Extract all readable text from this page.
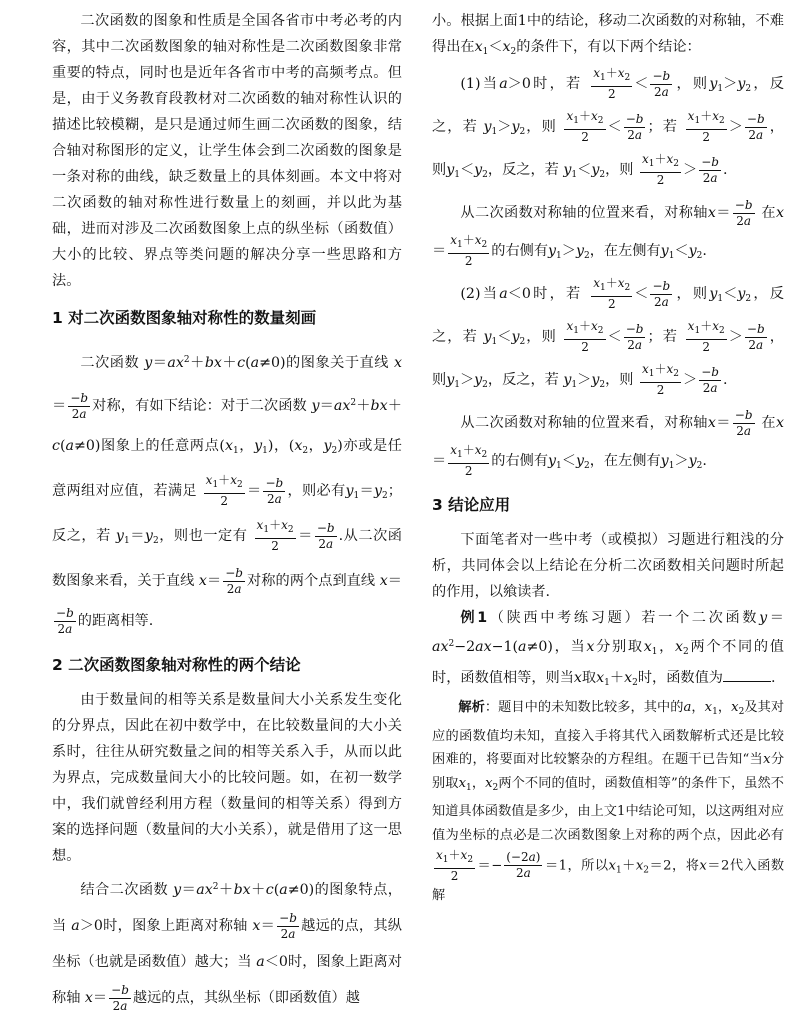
二次函数的图象和性质是全国各省市中考必考的内容，其中二次函数图象的轴对称性是二次函数图象非常重要的特点，同时也是近年各省市中考的高频考点。但是，由于义务教育段教材对二次函数的轴对称性认识的描述比较模糊，是只是通过师生画二次函数的图象，结合轴对称图形的定义，让学生体会到二次函数的图象是一条对称的曲线，缺乏数量上的具体刻画。本文中将对二次函数的轴对称性进行数量上的刻画，并以此为基础，进而对涉及二次函数图象上点的纵坐标（函数值）大小的比较、界点等类问题的解决分享一些思路和方法。

1 对二次函数图象轴对称性的数量刻画

二次函数 $y=ax^2+bx+c(a\ne 0)$的图象关于直线 $x= \frac{-b}{2a}$ 对称，有如下结论：对于二次函数 $y=ax^2+bx+c(a\ne 0)$图象上的任意两点($x_1$，$y_1$)，($x_2$，$y_2$)亦或是任意两组对应值，若满足 $\frac{x_1+x_2}{2} = \frac{-b}{2a}$ ，则必有$y_1=y_2$；反之，若 $y_1=y_2$，则也一定有 $\frac{x_1+x_2}{2} = \frac{-b}{2a}$ .从二次函数图象来看，关于直线 $x= \frac{-b}{2a}$ 对称的两个点到直线 x＝
$\frac{-b}{2a}$ 的距离相等.

2 二次函数图象轴对称性的两个结论

由于数量间的相等关系是数量间大小关系发生变化的分界点，因此在初中数学中，在比较数量间的大小关系时，往往从研究数量之间的相等关系入手，从而以此为界点，完成数量间大小的比较问题。如，在初一数学中，我们就曾经利用方程（数量间的相等关系）得到方案的选择问题（数量间的大小关系），就是借用了这一思想。

结合二次函数 $y=ax^2+bx+c(a\ne 0)$的图象特点，当 a＞0时，图象上距离对称轴 $x= \frac{-b}{2a}$ 越远的点，其纵坐标（也就是函数值）越大；当 a＜0时，图象上距离对称轴 $x= \frac{-b}{2a}$ 越远的点，其纵坐标（即函数值）越

小。根据上面1中的结论，移动二次函数的对称轴，不难得出在$x_1<x_2$的条件下，有以下两个结论：

(1)当a＞0时，若 $\frac{x_1+x_2}{2} < \frac{-b}{2a}$ ，则$y_1>y_2$，反之，若 $y_1>y_2$，则 $\frac{x_1+x_2}{2} < \frac{-b}{2a}$ ；若 $\frac{x_1+x_2}{2} > \frac{-b}{2a}$ ，则$y_1<y_2$，反之，若 $y_1<y_2$，则 $\frac{x_1+x_2}{2} > \frac{-b}{2a}$ .

从二次函数对称轴的位置来看，对称轴$x= \frac{-b}{2a}$ 在$x= \frac{x_1+x_2}{2}$ 的右侧有$y_1>y_2$，在左侧有$y_1<y_2$.

(2)当a＜0时，若 $\frac{x_1+x_2}{2} < \frac{-b}{2a}$ ，则$y_1<y_2$，反之，若 $y_1<y_2$，则 $\frac{x_1+x_2}{2} < \frac{-b}{2a}$ ；若 $\frac{x_1+x_2}{2} > \frac{-b}{2a}$ ，则$y_1>y_2$，反之，若 $y_1>y_2$，则 $\frac{x_1+x_2}{2} > \frac{-b}{2a}$ .

从二次函数对称轴的位置来看，对称轴$x= \frac{-b}{2a}$ 在$x= \frac{x_1+x_2}{2}$ 的右侧有$y_1<y_2$，在左侧有$y_1>y_2$.

3 结论应用

下面笔者对一些中考（或模拟）习题进行粗浅的分析，共同体会以上结论在分析二次函数相关问题时所起的作用，以飨读者.

例1（陕西中考练习题）若一个二次函数$y=ax^2-2ax-1(a\ne 0)$，当x分别取$x_1$，$x_2$两个不同的值时，函数值相等，则当x取$x_1+x_2$时，函数值为	.

解析：题目中的未知数比较多，其中的a，$x_1$，$x_2$及其对应的函数值均未知，直接入手将其代入函数解析式还是比较困难的，将要面对比较繁杂的方程组。在题干已告知“当x分别取$x_1$，$x_2$两个不同的值时，函数值相等”的条件下，虽然不知道具体函数值是多少，由上文1中结论可知，以这两组对应值为坐标的点必是二次函数图象上对称的两个点，因此必有
$\frac{x_1+x_2}{2} =- \frac{(-2a)}{2a} =1$，所以$x_1+x_2=2$，将x＝2代入函数解
